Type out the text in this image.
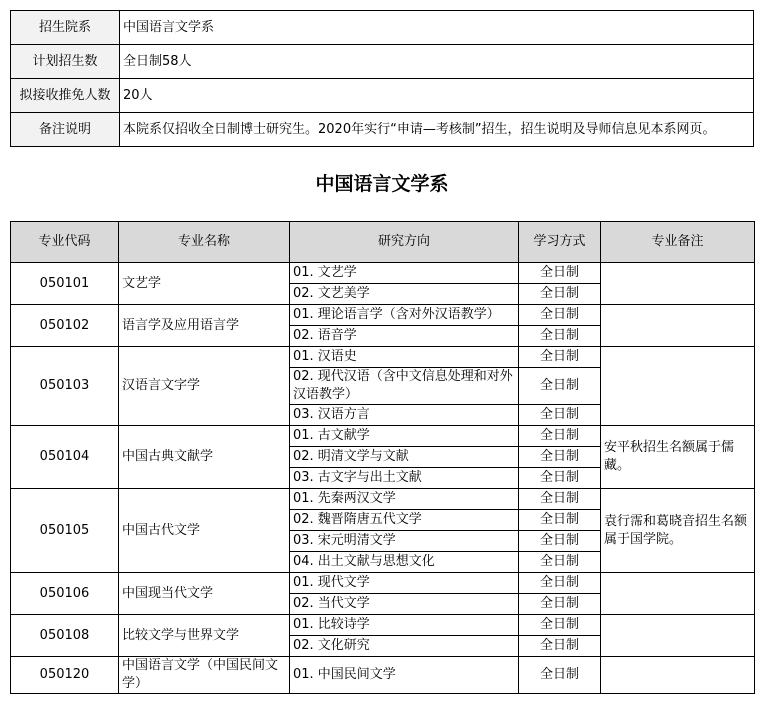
招生院系	中国语言文学系
计划招生数	全日制58人
拟接收推免人数	20人
备注说明	本院系仅招收全日制博士研究生。2020年实行“申请—考核制”招生，招生说明及导师信息见本系网页。
中国语言文学系
专业代码	专业名称	研究方向	学习方式	专业备注
050101	文艺学	01. 文艺学	全日制	
		02. 文艺美学	全日制	
050102	语言学及应用语言学	01. 理论语言学（含对外汉语教学）	全日制	
		02. 语音学	全日制	
050103	汉语言文字学	01. 汉语史	全日制	
		02. 现代汉语（含中文信息处理和对外汉语教学）	全日制	
		03. 汉语方言	全日制	
050104	中国古典文献学	01. 古文献学	全日制	安平秋招生名额属于儒藏。
		02. 明清文学与文献	全日制	
		03. 古文字与出土文献	全日制	
050105	中国古代文学	01. 先秦两汉文学	全日制	袁行霈和葛晓音招生名额属于国学院。
		02. 魏晋隋唐五代文学	全日制	
		03. 宋元明清文学	全日制	
		04. 出土文献与思想文化	全日制	
050106	中国现当代文学	01. 现代文学	全日制	
		02. 当代文学	全日制	
050108	比较文学与世界文学	01. 比较诗学	全日制	
		02. 文化研究	全日制	
050120	中国语言文学（中国民间文学）	01. 中国民间文学	全日制	
